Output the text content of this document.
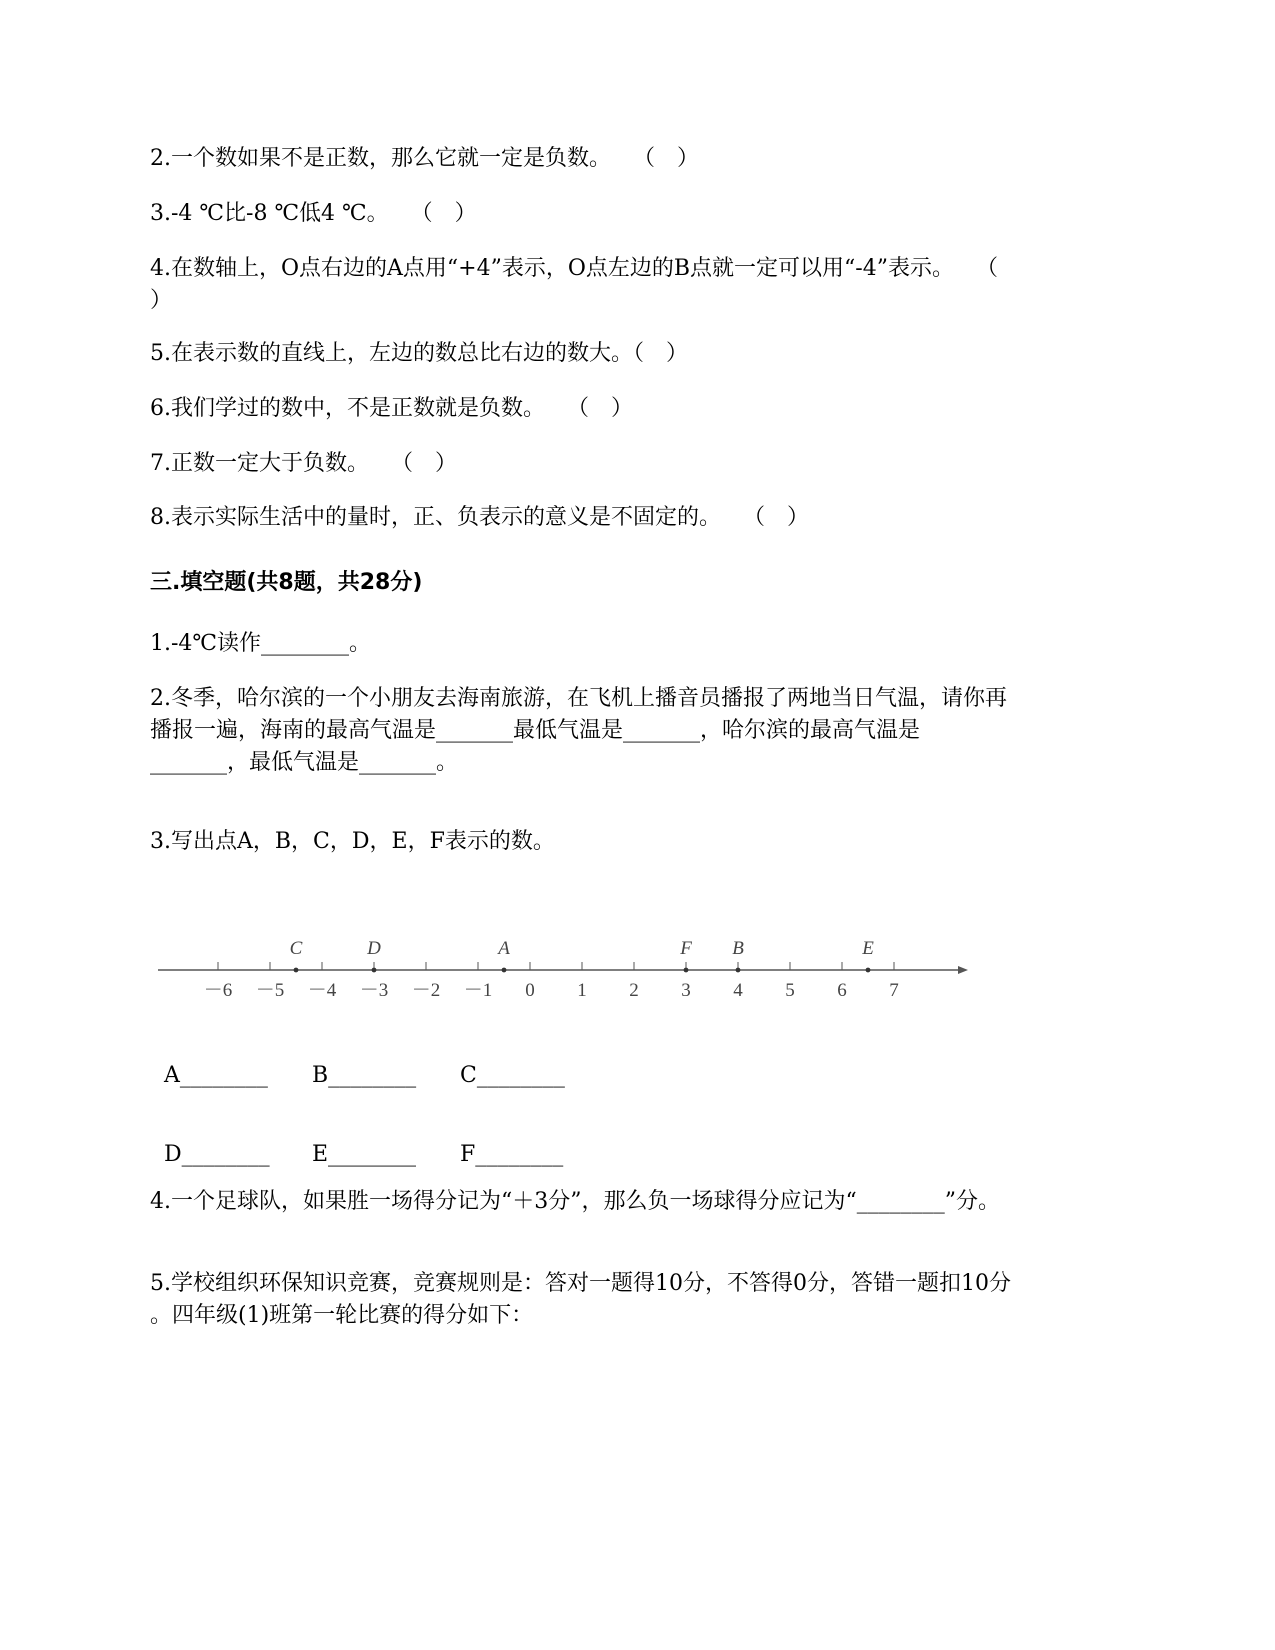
2.一个数如果不是正数，那么它就一定是负数。　　（　）
3.-4 ℃比-8 ℃低4 ℃。　　（　）
4.在数轴上，O点右边的A点用“+4”表示，O点左边的B点就一定可以用“-4”表示。　　（
）
5.在表示数的直线上，左边的数总比右边的数大。（　）
6.我们学过的数中，不是正数就是负数。　　（　）
7.正数一定大于负数。　　（　）
8.表示实际生活中的量时，正、负表示的意义是不固定的。　　（　）
三.填空题(共8题，共28分)
1.-4℃读作________。
2.冬季，哈尔滨的一个小朋友去海南旅游，在飞机上播音员播报了两地当日气温，请你再
播报一遍，海南的最高气温是_______最低气温是_______，哈尔滨的最高气温是
_______，最低气温是_______。
3.写出点A，B，C，D，E，F表示的数。
－6 －5 －4 －3 －2 －1 0 1 2 3 4 5 6 7
C	D	A	F B	E

A________ B________ C________

D________ E________ F________

4.一个足球队，如果胜一场得分记为“＋3分”，那么负一场球得分应记为“________”分。
5.学校组织环保知识竞赛，竞赛规则是：答对一题得10分，不答得0分，答错一题扣10分
。四年级(1)班第一轮比赛的得分如下：
